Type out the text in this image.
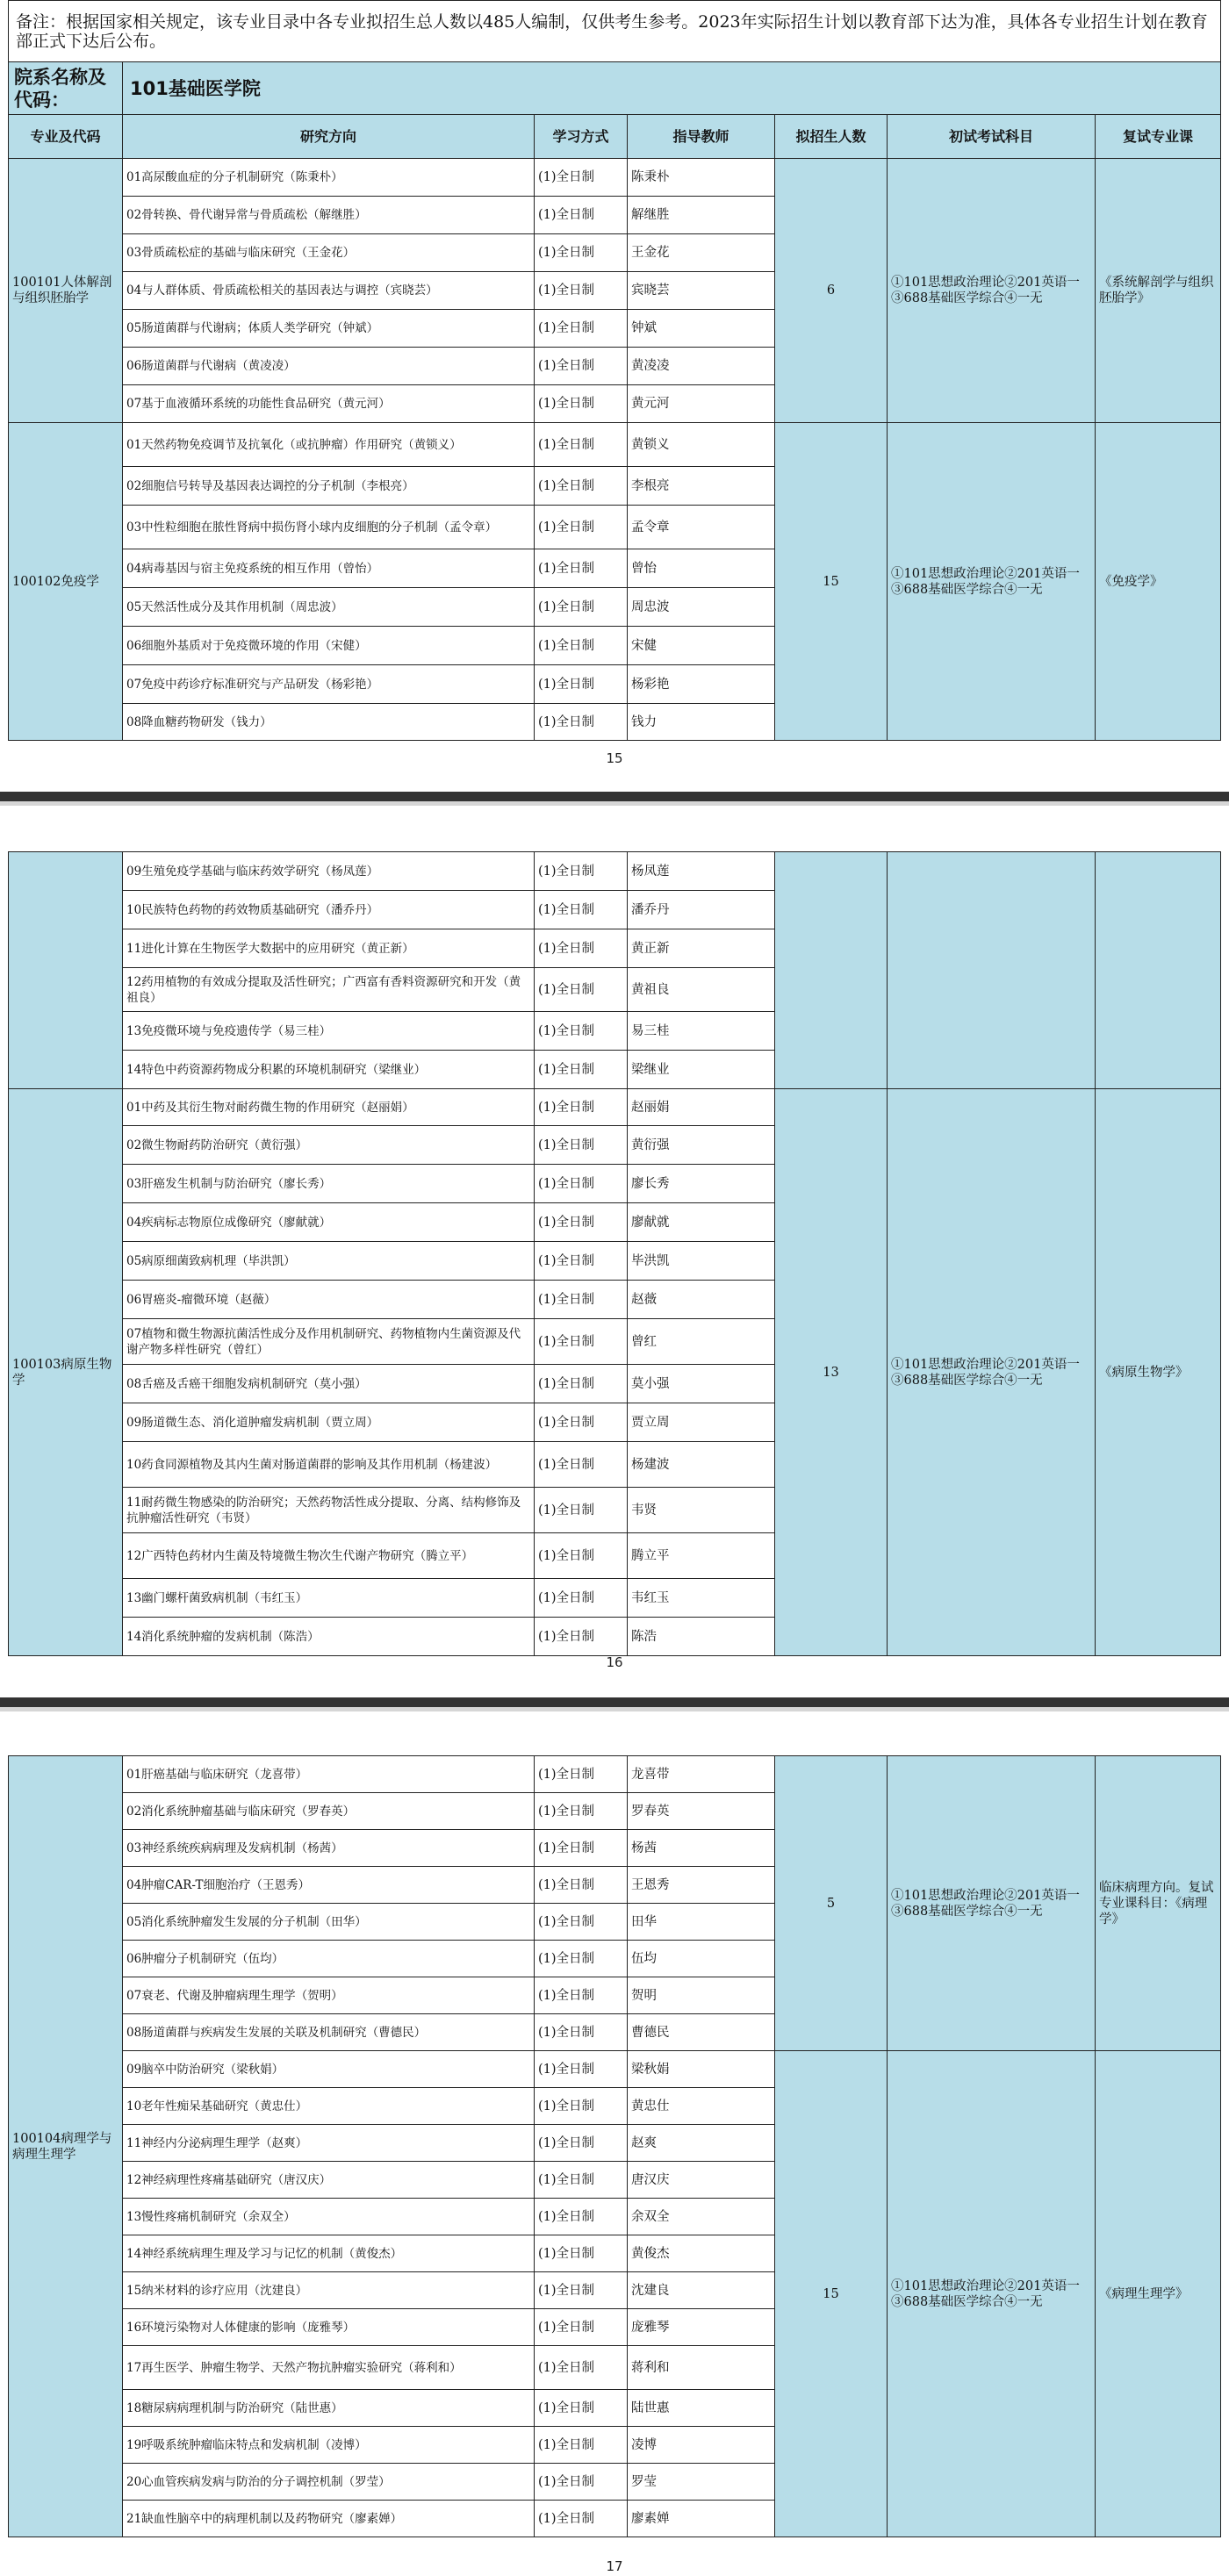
备注：根据国家相关规定，该专业目录中各专业拟招生总人数以485人编制，仅供考生参考。2023年实际招生计划以教育部下达为准，具体各专业招生计划在教育部正式下达后公布。						
院系名称及代码：	101基础医学院					
专业及代码	研究方向	学习方式	指导教师	拟招生人数	初试考试科目	复试专业课
100101人体解剖与组织胚胎学	01高尿酸血症的分子机制研究（陈秉朴）	(1)全日制	陈秉朴	6	①101思想政治理论②201英语一③688基础医学综合④一无	《系统解剖学与组织胚胎学》
	02骨转换、骨代谢异常与骨质疏松（解继胜）	(1)全日制	解继胜			
	03骨质疏松症的基础与临床研究（王金花）	(1)全日制	王金花			
	04与人群体质、骨质疏松相关的基因表达与调控（宾晓芸）	(1)全日制	宾晓芸			
	05肠道菌群与代谢病；体质人类学研究（钟斌）	(1)全日制	钟斌			
	06肠道菌群与代谢病（黄凌凌）	(1)全日制	黄凌凌			
	07基于血液循环系统的功能性食品研究（黄元河）	(1)全日制	黄元河			
100102免疫学	01天然药物免疫调节及抗氧化（或抗肿瘤）作用研究（黄锁义）	(1)全日制	黄锁义	15	①101思想政治理论②201英语一③688基础医学综合④一无	《免疫学》
	02细胞信号转导及基因表达调控的分子机制（李根亮）	(1)全日制	李根亮			
	03中性粒细胞在脓性肾病中损伤肾小球内皮细胞的分子机制（孟令章）	(1)全日制	孟令章			
	04病毒基因与宿主免疫系统的相互作用（曾怡）	(1)全日制	曾怡			
	05天然活性成分及其作用机制（周忠波）	(1)全日制	周忠波			
	06细胞外基质对于免疫微环境的作用（宋健）	(1)全日制	宋健			
	07免疫中药诊疗标准研究与产品研发（杨彩艳）	(1)全日制	杨彩艳			
	08降血糖药物研发（钱力）	(1)全日制	钱力			
15
	09生殖免疫学基础与临床药效学研究（杨凤莲）	(1)全日制	杨凤莲			
	10民族特色药物的药效物质基础研究（潘乔丹）	(1)全日制	潘乔丹			
	11进化计算在生物医学大数据中的应用研究（黄正新）	(1)全日制	黄正新			
	12药用植物的有效成分提取及活性研究；广西富有香料资源研究和开发（黄祖良）	(1)全日制	黄祖良			
	13免疫微环境与免疫遗传学（易三桂）	(1)全日制	易三桂			
	14特色中药资源药物成分积累的环境机制研究（梁继业）	(1)全日制	梁继业			
100103病原生物学	01中药及其衍生物对耐药微生物的作用研究（赵丽娟）	(1)全日制	赵丽娟	13	①101思想政治理论②201英语一③688基础医学综合④一无	《病原生物学》
	02微生物耐药防治研究（黄衍强）	(1)全日制	黄衍强			
	03肝癌发生机制与防治研究（廖长秀）	(1)全日制	廖长秀			
	04疾病标志物原位成像研究（廖献就）	(1)全日制	廖献就			
	05病原细菌致病机理（毕洪凯）	(1)全日制	毕洪凯			
	06胃癌炎-瘤微环境（赵薇）	(1)全日制	赵薇			
	07植物和微生物源抗菌活性成分及作用机制研究、药物植物内生菌资源及代谢产物多样性研究（曾红）	(1)全日制	曾红			
	08舌癌及舌癌干细胞发病机制研究（莫小强）	(1)全日制	莫小强			
	09肠道微生态、消化道肿瘤发病机制（贾立周）	(1)全日制	贾立周			
	10药食同源植物及其内生菌对肠道菌群的影响及其作用机制（杨建波）	(1)全日制	杨建波			
	11耐药微生物感染的防治研究；天然药物活性成分提取、分离、结构修饰及抗肿瘤活性研究（韦贤）	(1)全日制	韦贤			
	12广西特色药材内生菌及特境微生物次生代谢产物研究（腾立平）	(1)全日制	腾立平			
	13幽门螺杆菌致病机制（韦红玉）	(1)全日制	韦红玉			
	14消化系统肿瘤的发病机制（陈浩）	(1)全日制	陈浩			
16
100104病理学与病理生理学	01肝癌基础与临床研究（龙喜带）	(1)全日制	龙喜带	5	①101思想政治理论②201英语一③688基础医学综合④一无	临床病理方向。复试专业课科目：《病理学》
	02消化系统肿瘤基础与临床研究（罗春英）	(1)全日制	罗春英			
	03神经系统疾病病理及发病机制（杨茜）	(1)全日制	杨茜			
	04肿瘤CAR-T细胞治疗（王恩秀）	(1)全日制	王恩秀			
	05消化系统肿瘤发生发展的分子机制（田华）	(1)全日制	田华			
	06肿瘤分子机制研究（伍均）	(1)全日制	伍均			
	07衰老、代谢及肿瘤病理生理学（贺明）	(1)全日制	贺明			
	08肠道菌群与疾病发生发展的关联及机制研究（曹德民）	(1)全日制	曹德民			
	09脑卒中防治研究（梁秋娟）	(1)全日制	梁秋娟	15	①101思想政治理论②201英语一③688基础医学综合④一无	《病理生理学》
	10老年性痴呆基础研究（黄忠仕）	(1)全日制	黄忠仕			
	11神经内分泌病理生理学（赵爽）	(1)全日制	赵爽			
	12神经病理性疼痛基础研究（唐汉庆）	(1)全日制	唐汉庆			
	13慢性疼痛机制研究（余双全）	(1)全日制	余双全			
	14神经系统病理生理及学习与记忆的机制（黄俊杰）	(1)全日制	黄俊杰			
	15纳米材料的诊疗应用（沈建良）	(1)全日制	沈建良			
	16环境污染物对人体健康的影响（庞雅琴）	(1)全日制	庞雅琴			
	17再生医学、肿瘤生物学、天然产物抗肿瘤实验研究（蒋利和）	(1)全日制	蒋利和			
	18糖尿病病理机制与防治研究（陆世惠）	(1)全日制	陆世惠			
	19呼吸系统肿瘤临床特点和发病机制（凌博）	(1)全日制	凌博			
	20心血管疾病发病与防治的分子调控机制（罗莹）	(1)全日制	罗莹			
	21缺血性脑卒中的病理机制以及药物研究（廖素婵）	(1)全日制	廖素婵			
17
